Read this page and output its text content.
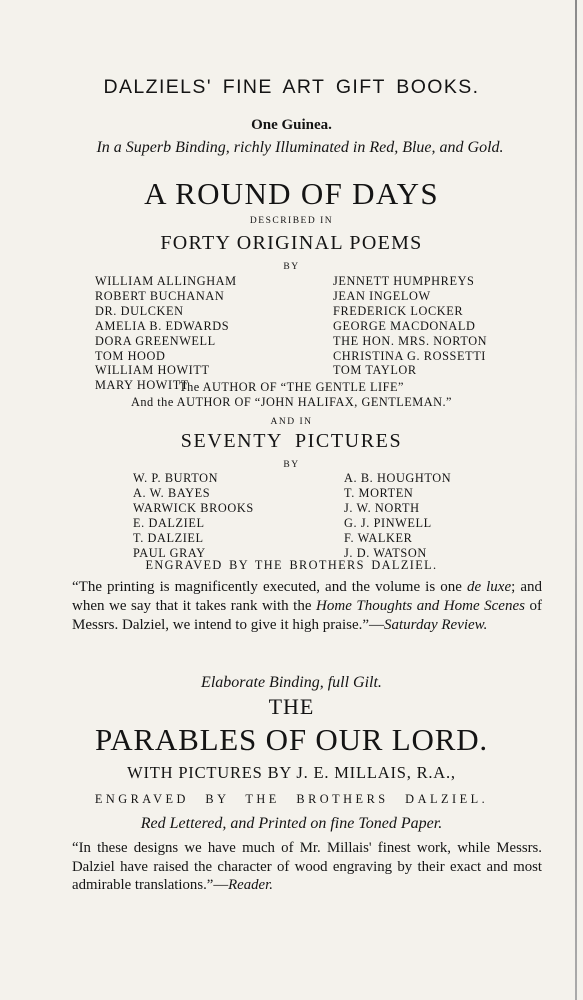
DALZIELS' FINE ART GIFT BOOKS.
One Guinea.
In a Superb Binding, richly Illuminated in Red, Blue, and Gold.
A ROUND OF DAYS
DESCRIBED IN
FORTY ORIGINAL POEMS
BY
WILLIAM ALLINGHAM
ROBERT BUCHANAN
DR. DULCKEN
AMELIA B. EDWARDS
DORA GREENWELL
TOM HOOD
WILLIAM HOWITT
MARY HOWITT
JENNETT HUMPHREYS
JEAN INGELOW
FREDERICK LOCKER
GEORGE MACDONALD
THE HON. MRS. NORTON
CHRISTINA G. ROSSETTI
TOM TAYLOR
The AUTHOR OF “THE GENTLE LIFE”
And the AUTHOR OF “JOHN HALIFAX, GENTLEMAN.”
AND IN
SEVENTY PICTURES
BY
W. P. BURTON
A. W. BAYES
WARWICK BROOKS
E. DALZIEL
T. DALZIEL
PAUL GRAY
A. B. HOUGHTON
T. MORTEN
J. W. NORTH
G. J. PINWELL
F. WALKER
J. D. WATSON
ENGRAVED BY THE BROTHERS DALZIEL.
“The printing is magnificently executed, and the volume is one de luxe; and when we say that it takes rank with the Home Thoughts and Home Scenes of Messrs. Dalziel, we intend to give it high praise.”—Saturday Review.
Elaborate Binding, full Gilt.
THE
PARABLES OF OUR LORD.
WITH PICTURES BY J. E. MILLAIS, R.A.,
ENGRAVED BY THE BROTHERS DALZIEL.
Red Lettered, and Printed on fine Toned Paper.
“In these designs we have much of Mr. Millais' finest work, while Messrs. Dalziel have raised the character of wood engraving by their exact and most admirable translations.”—Reader.
